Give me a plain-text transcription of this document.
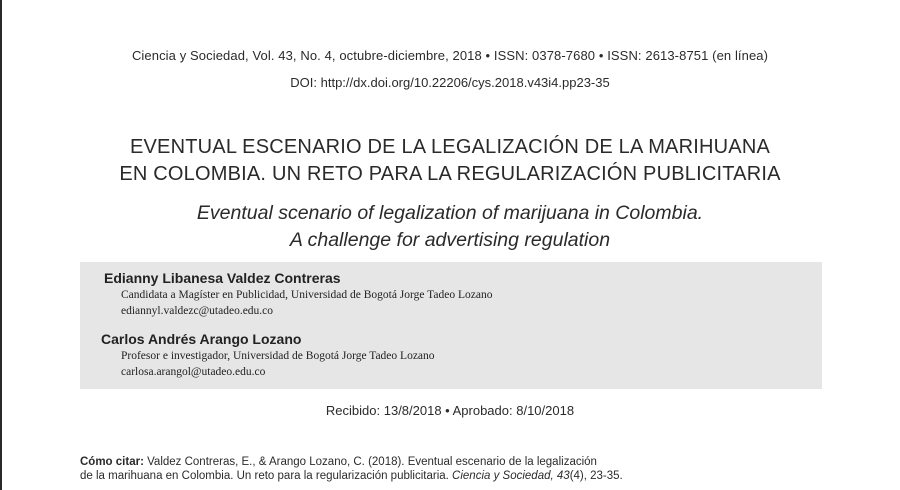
Ciencia y Sociedad, Vol. 43, No. 4, octubre-diciembre, 2018 • ISSN: 0378-7680 • ISSN: 2613-8751 (en línea)
DOI: http://dx.doi.org/10.22206/cys.2018.v43i4.pp23-35
EVENTUAL ESCENARIO DE LA LEGALIZACIÓN DE LA MARIHUANA
EN COLOMBIA. UN RETO PARA LA REGULARIZACIÓN PUBLICITARIA
Eventual scenario of legalization of marijuana in Colombia.
A challenge for advertising regulation
Edianny Libanesa Valdez Contreras
Candidata a Magíster en Publicidad, Universidad de Bogotá Jorge Tadeo Lozano
ediannyl.valdezc@utadeo.edu.co
Carlos Andrés Arango Lozano
Profesor e investigador, Universidad de Bogotá Jorge Tadeo Lozano
carlosa.arangol@utadeo.edu.co
Recibido: 13/8/2018 • Aprobado: 8/10/2018
Cómo citar: Valdez Contreras, E., & Arango Lozano, C. (2018). Eventual escenario de la legalización
de la marihuana en Colombia. Un reto para la regularización publicitaria. Ciencia y Sociedad, 43(4), 23-35.
